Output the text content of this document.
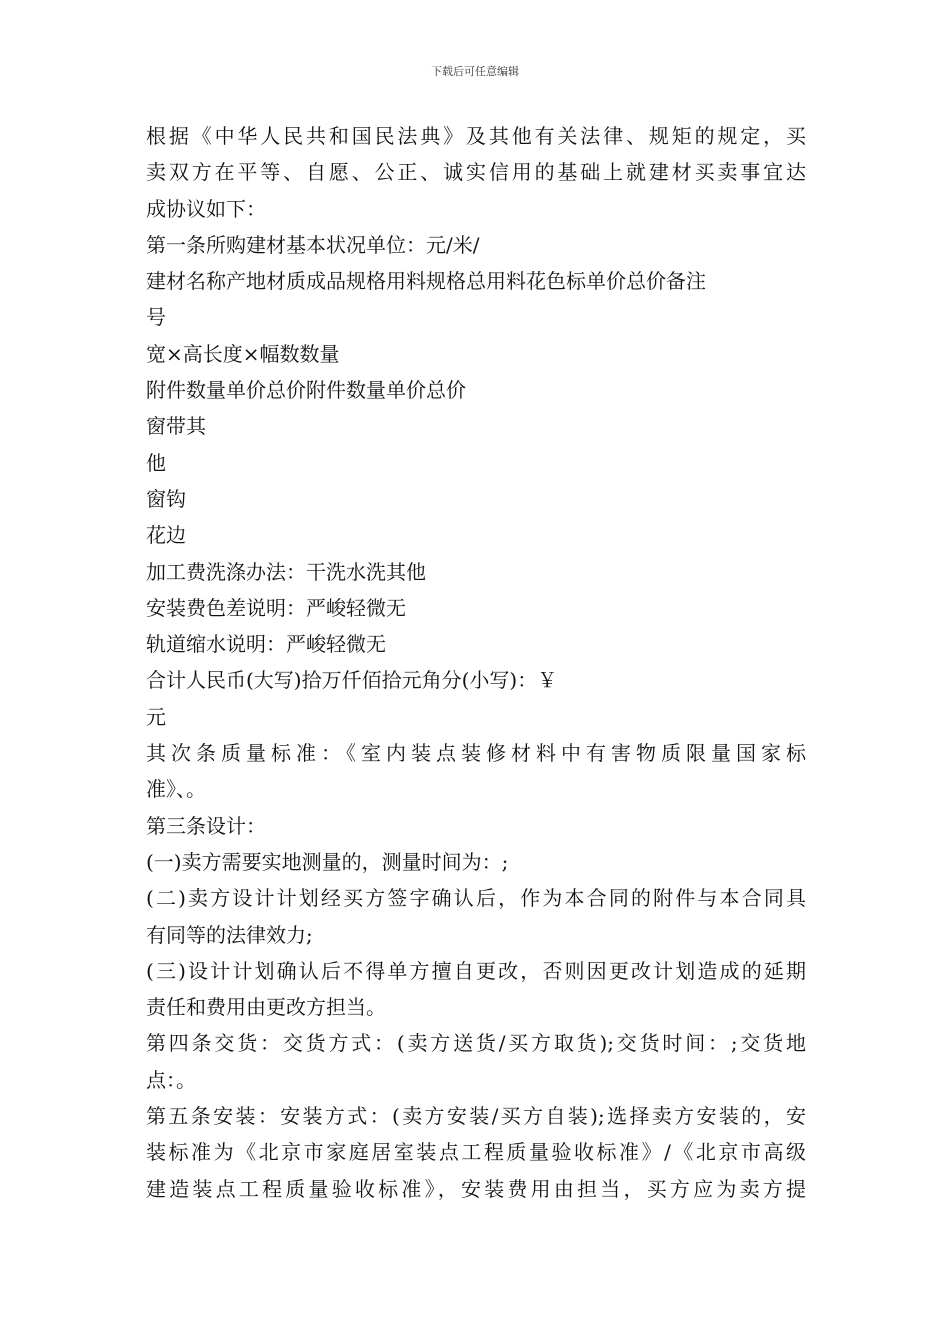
下载后可任意编辑
根据《中华人民共和国民法典》及其他有关法律、规矩的规定，买
卖双方在平等、自愿、公正、诚实信用的基础上就建材买卖事宜达
成协议如下：
第一条所购建材基本状况单位：元/米/
建材名称产地材质成品规格用料规格总用料花色标单价总价备注
号
宽×高长度×幅数数量
附件数量单价总价附件数量单价总价
窗带其
他
窗钩
花边
加工费洗涤办法：干洗水洗其他
安装费色差说明：严峻轻微无
轨道缩水说明：严峻轻微无
合计人民币(大写)拾万仟佰拾元角分(小写)：￥
元
其次条质量标准：《室内装点装修材料中有害物质限量国家标
准》、。
第三条设计：
(一)卖方需要实地测量的，测量时间为：;
(二)卖方设计计划经买方签字确认后，作为本合同的附件与本合同具
有同等的法律效力;
(三)设计计划确认后不得单方擅自更改，否则因更改计划造成的延期
责任和费用由更改方担当。
第四条交货：交货方式：(卖方送货/买方取货);交货时间：;交货地
点：。
第五条安装：安装方式：(卖方安装/买方自装);选择卖方安装的，安
装标准为《北京市家庭居室装点工程质量验收标准》/《北京市高级
建造装点工程质量验收标准》，安装费用由担当，买方应为卖方提
